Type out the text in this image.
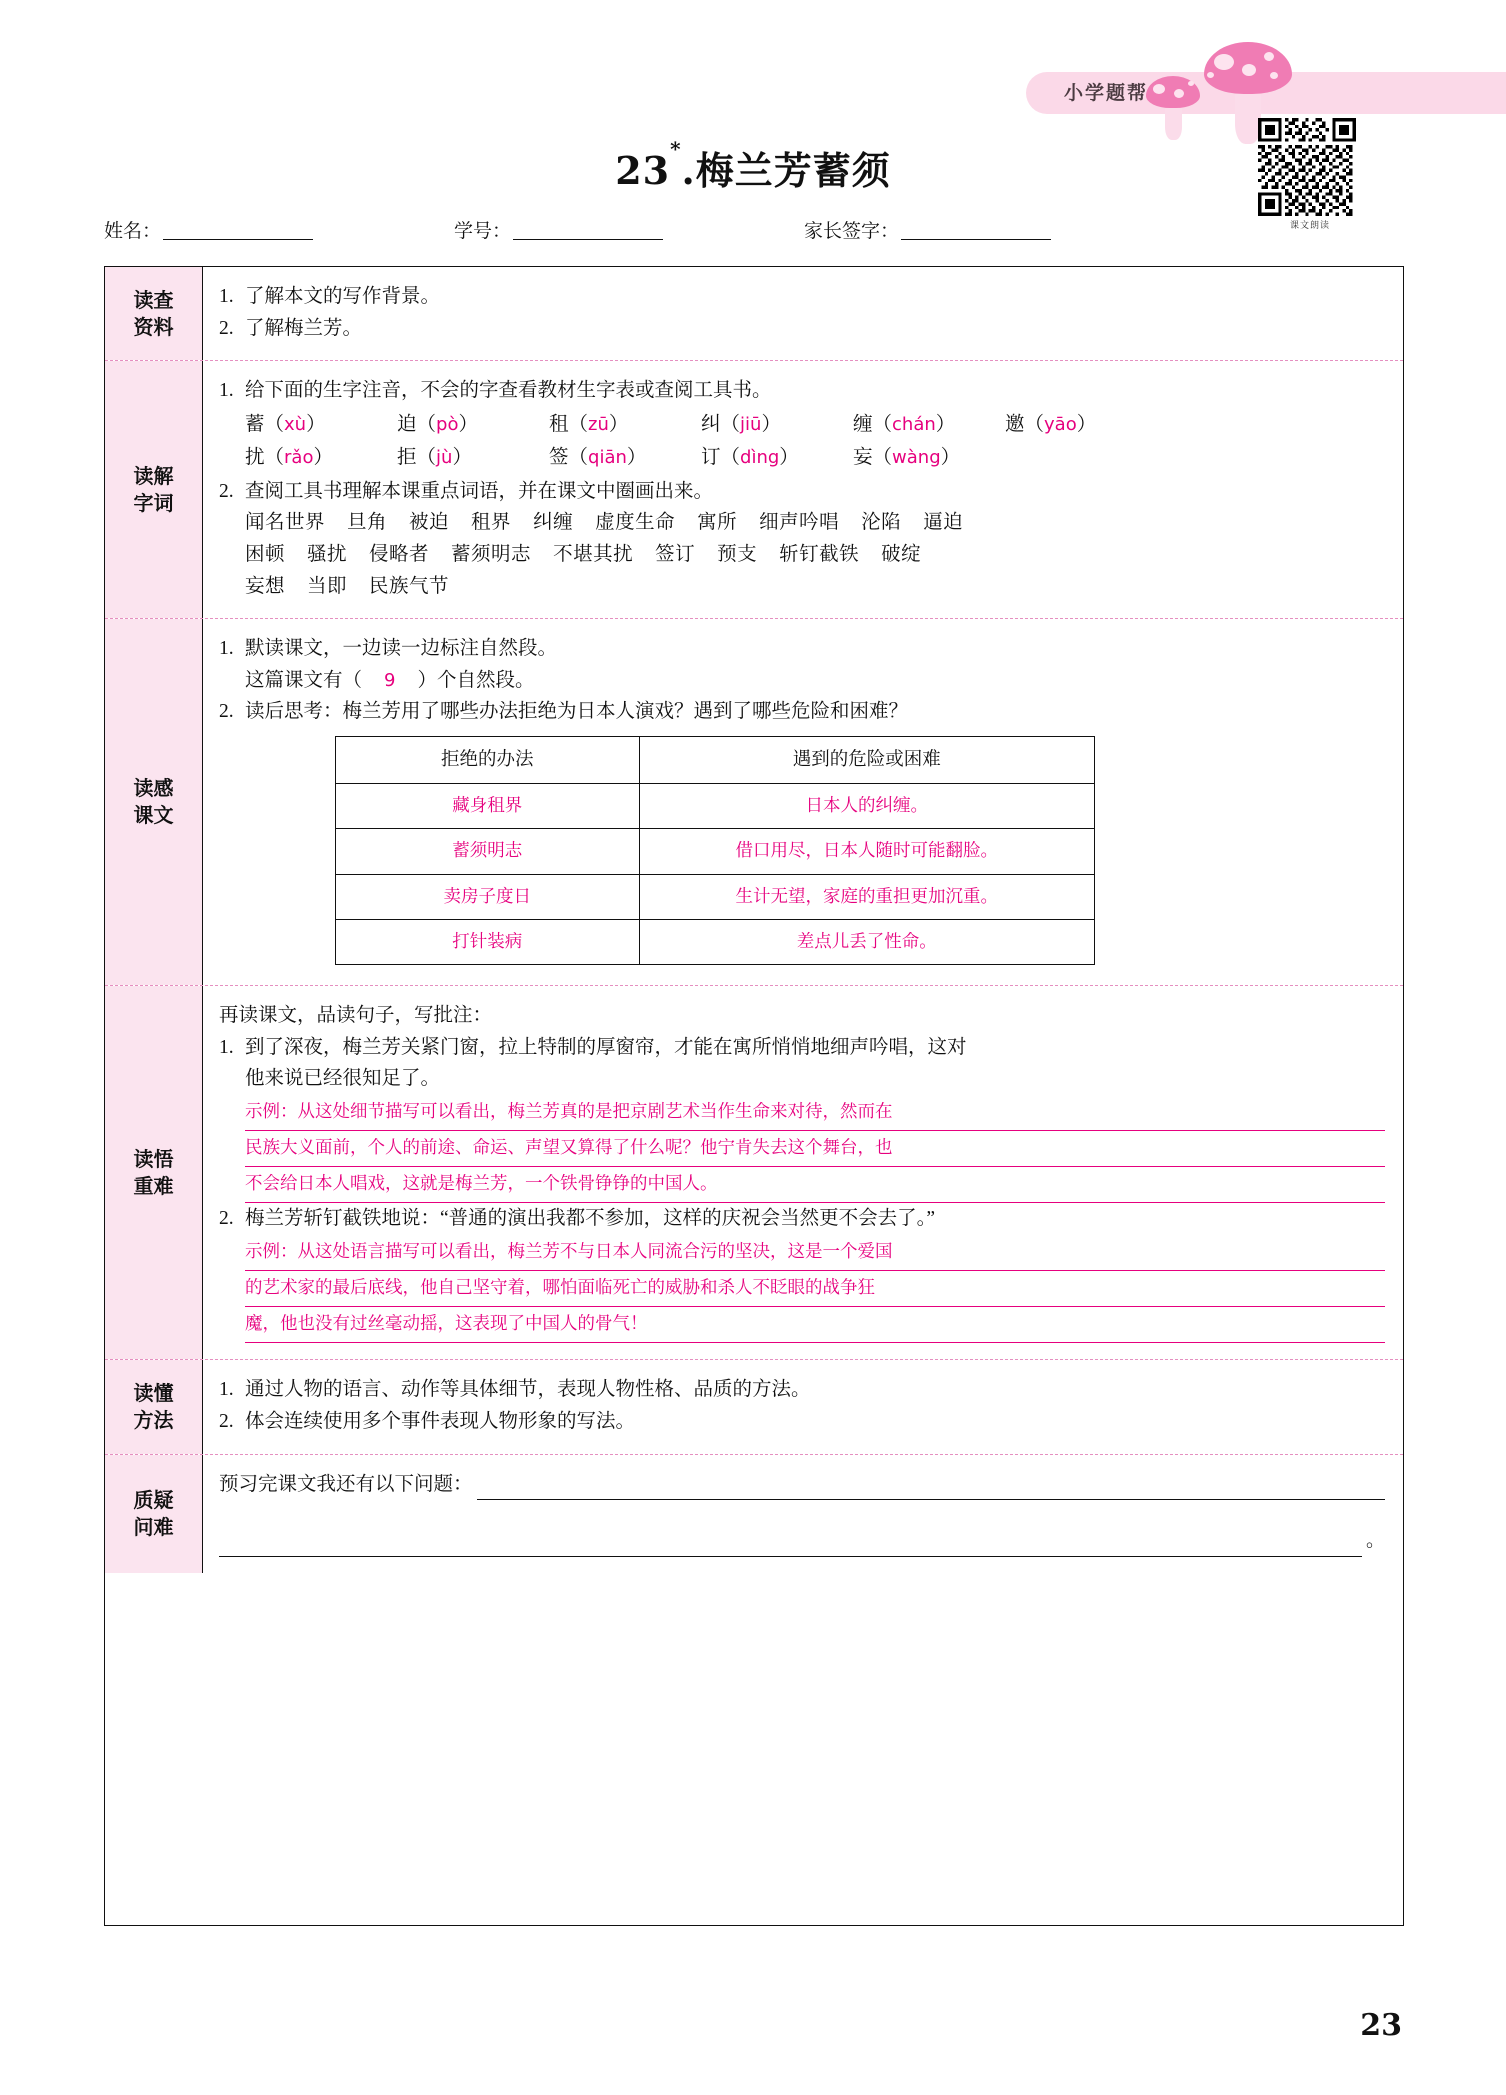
小学题帮
课文朗读
23*.梅兰芳蓄须
姓名：	学号：	家长签字：
读查
资料
1. 了解本文的写作背景。
2. 了解梅兰芳。
读解
字词
1. 给下面的生字注音，不会的字查看教材生字表或查阅工具书。
蓄（xù）	迫（pò）	租（zū）	纠（jiū）	缠（chán）	邀（yāo）
扰（rǎo）	拒（jù）	签（qiān）	订（dìng）	妄（wàng）
2. 查阅工具书理解本课重点词语，并在课文中圈画出来。
闻名世界 旦角 被迫 租界 纠缠 虚度生命 寓所 细声吟唱 沦陷 逼迫
困顿 骚扰 侵略者 蓄须明志 不堪其扰 签订 预支 斩钉截铁 破绽
妄想 当即 民族气节
读感
课文
1. 默读课文，一边读一边标注自然段。
这篇课文有（ 9 ）个自然段。
2. 读后思考：梅兰芳用了哪些办法拒绝为日本人演戏？遇到了哪些危险和困难？
拒绝的办法	遇到的危险或困难
藏身租界	日本人的纠缠。
蓄须明志	借口用尽，日本人随时可能翻脸。
卖房子度日	生计无望，家庭的重担更加沉重。
打针装病	差点儿丢了性命。
读悟
重难
再读课文，品读句子，写批注：
1. 到了深夜，梅兰芳关紧门窗，拉上特制的厚窗帘，才能在寓所悄悄地细声吟唱，这对
他来说已经很知足了。
示例：从这处细节描写可以看出，梅兰芳真的是把京剧艺术当作生命来对待，然而在
民族大义面前，个人的前途、命运、声望又算得了什么呢？他宁肯失去这个舞台，也
不会给日本人唱戏，这就是梅兰芳，一个铁骨铮铮的中国人。
2. 梅兰芳斩钉截铁地说：“普通的演出我都不参加，这样的庆祝会当然更不会去了。”
示例：从这处语言描写可以看出，梅兰芳不与日本人同流合污的坚决，这是一个爱国
的艺术家的最后底线，他自己坚守着，哪怕面临死亡的威胁和杀人不眨眼的战争狂
魔，他也没有过丝毫动摇，这表现了中国人的骨气！
读懂
方法
1. 通过人物的语言、动作等具体细节，表现人物性格、品质的方法。
2. 体会连续使用多个事件表现人物形象的写法。
质疑
问难
预习完课文我还有以下问题：
。
23
